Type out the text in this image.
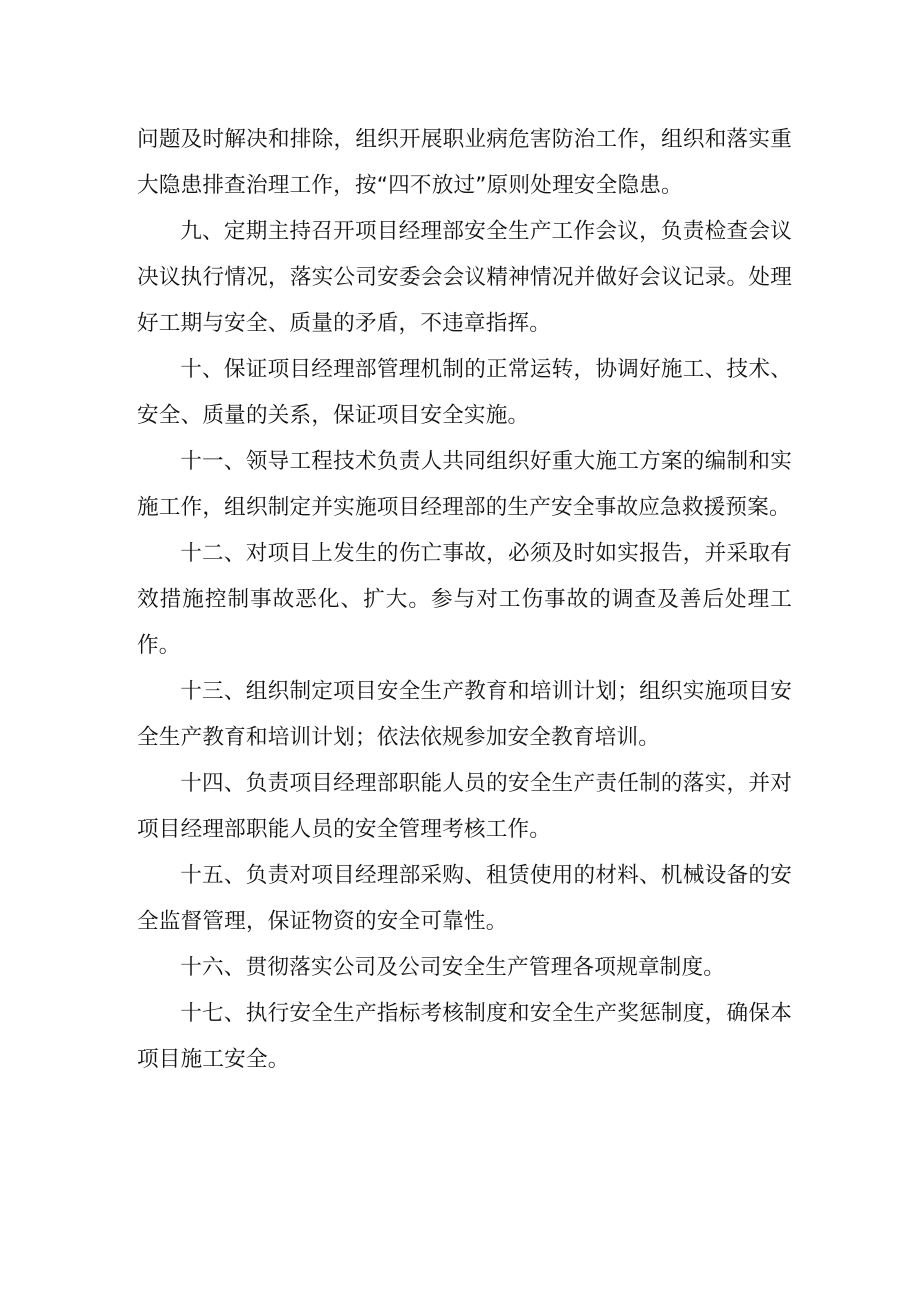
问题及时解决和排除，组织开展职业病危害防治工作，组织和落实重大隐患排查治理工作，按“四不放过”原则处理安全隐患。

九、定期主持召开项目经理部安全生产工作会议，负责检查会议决议执行情况，落实公司安委会会议精神情况并做好会议记录。处理好工期与安全、质量的矛盾，不违章指挥。

十、保证项目经理部管理机制的正常运转，协调好施工、技术、安全、质量的关系，保证项目安全实施。

十一、领导工程技术负责人共同组织好重大施工方案的编制和实施工作，组织制定并实施项目经理部的生产安全事故应急救援预案。

十二、对项目上发生的伤亡事故，必须及时如实报告，并采取有效措施控制事故恶化、扩大。参与对工伤事故的调查及善后处理工作。

十三、组织制定项目安全生产教育和培训计划；组织实施项目安全生产教育和培训计划；依法依规参加安全教育培训。

十四、负责项目经理部职能人员的安全生产责任制的落实，并对项目经理部职能人员的安全管理考核工作。

十五、负责对项目经理部采购、租赁使用的材料、机械设备的安全监督管理，保证物资的安全可靠性。

十六、贯彻落实公司及公司安全生产管理各项规章制度。

十七、执行安全生产指标考核制度和安全生产奖惩制度，确保本项目施工安全。
